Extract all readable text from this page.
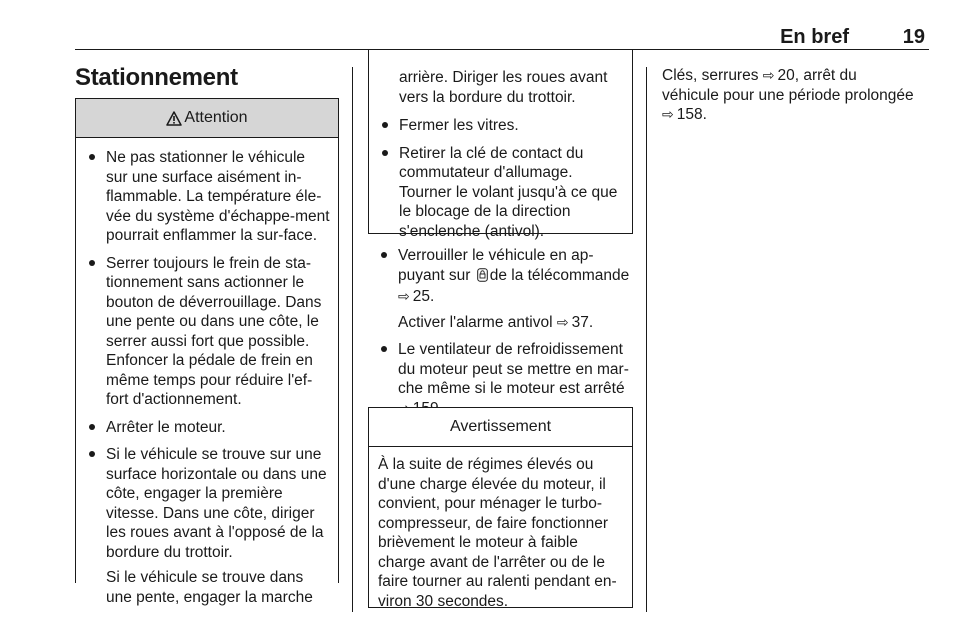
En bref	19
Stationnement
Attention
Ne pas stationner le véhicule sur une surface aisément in-flammable. La température éle-vée du système d'échappe-ment pourrait enflammer la sur-face.
Serrer toujours le frein de sta-tionnement sans actionner le bouton de déverrouillage. Dans une pente ou dans une côte, le serrer aussi fort que possible. Enfoncer la pédale de frein en même temps pour réduire l'ef-fort d'actionnement.
Arrêter le moteur.
Si le véhicule se trouve sur une surface horizontale ou dans une côte, engager la première vitesse. Dans une côte, diriger les roues avant à l'opposé de la bordure du trottoir.
Si le véhicule se trouve dans une pente, engager la marche

arrière. Diriger les roues avant vers la bordure du trottoir.

Fermer les vitres.
Retirer la clé de contact du commutateur d'allumage. Tourner le volant jusqu'à ce que le blocage de la direction s'enclenche (antivol).
Verrouiller le véhicule en ap-puyant sur de la télécommande
⇨ 25.
Activer l'alarme antivol ⇨ 37.
Le ventilateur de refroidissement du moteur peut se mettre en mar-che même si le moteur est arrêté
⇨
Avertissement

À la suite de régimes élevés ou d'une charge élevée du moteur, il convient, pour ménager le turbo-compresseur, de faire fonctionner brièvement le moteur à faible charge avant de l'arrêter ou de le faire tourner au ralenti pendant en-viron 30 secondes.

Clés, serrures ⇨ 20, arrêt du
véhicule pour une période prolongée
⇨ 158.
